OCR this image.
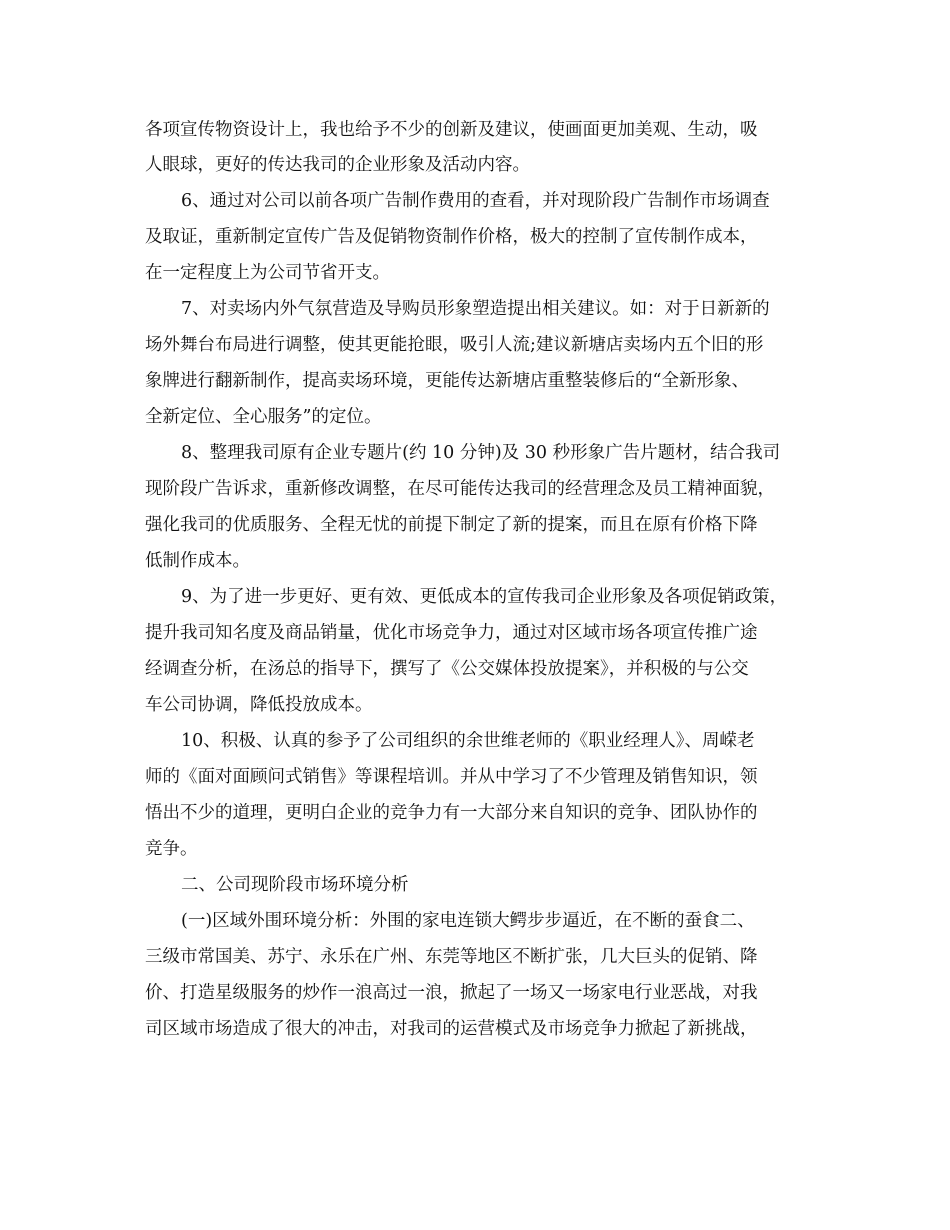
各项宣传物资设计上，我也给予不少的创新及建议，使画面更加美观、生动，吸
人眼球，更好的传达我司的企业形象及活动内容。
6、通过对公司以前各项广告制作费用的查看，并对现阶段广告制作市场调查
及取证，重新制定宣传广告及促销物资制作价格，极大的控制了宣传制作成本，
在一定程度上为公司节省开支。
7、对卖场内外气氛营造及导购员形象塑造提出相关建议。如：对于日新新的
场外舞台布局进行调整，使其更能抢眼，吸引人流;建议新塘店卖场内五个旧的形
象牌进行翻新制作，提高卖场环境，更能传达新塘店重整装修后的“全新形象、
全新定位、全心服务”的定位。
8、整理我司原有企业专题片(约 10 分钟)及 30 秒形象广告片题材，结合我司
现阶段广告诉求，重新修改调整，在尽可能传达我司的经营理念及员工精神面貌，
强化我司的优质服务、全程无忧的前提下制定了新的提案，而且在原有价格下降
低制作成本。
9、为了进一步更好、更有效、更低成本的宣传我司企业形象及各项促销政策，
提升我司知名度及商品销量，优化市场竞争力，通过对区域市场各项宣传推广途
经调查分析，在汤总的指导下，撰写了《公交媒体投放提案》，并积极的与公交
车公司协调，降低投放成本。
10、积极、认真的参予了公司组织的余世维老师的《职业经理人》、周嵘老
师的《面对面顾问式销售》等课程培训。并从中学习了不少管理及销售知识，领
悟出不少的道理，更明白企业的竞争力有一大部分来自知识的竞争、团队协作的
竞争。
二、公司现阶段市场环境分析
(一)区域外围环境分析：外围的家电连锁大鳄步步逼近，在不断的蚕食二、
三级市常国美、苏宁、永乐在广州、东莞等地区不断扩张，几大巨头的促销、降
价、打造星级服务的炒作一浪高过一浪，掀起了一场又一场家电行业恶战，对我
司区域市场造成了很大的冲击，对我司的运营模式及市场竞争力掀起了新挑战，
